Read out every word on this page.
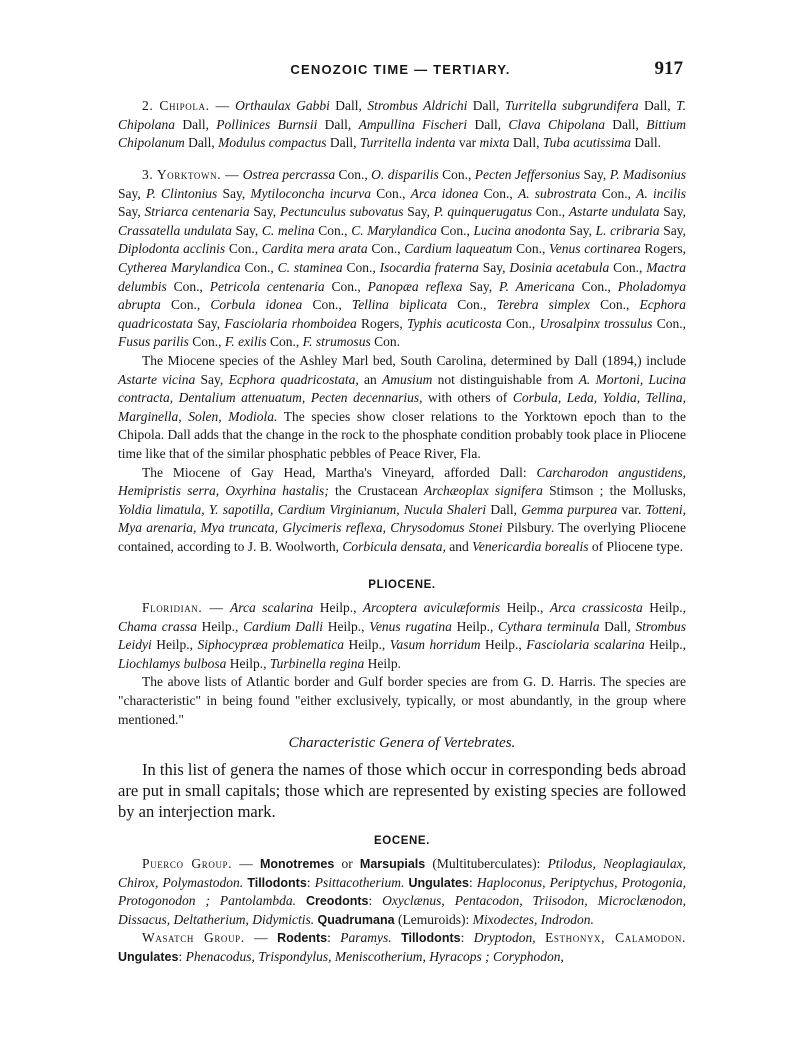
CENOZOIC TIME — TERTIARY.	917

2. Chipola. — Orthaulax Gabbi Dall, Strombus Aldrichi Dall, Turritella subgrundifera Dall, T. Chipolana Dall, Pollinices Burnsii Dall, Ampullina Fischeri Dall, Clava Chipolana Dall, Bittium Chipolanum Dall, Modulus compactus Dall, Turritella indenta var mixta Dall, Tuba acutissima Dall.

3. Yorktown. — Ostrea percrassa Con., O. disparilis Con., Pecten Jeffersonius Say, P. Madisonius Say, P. Clintonius Say, Mytiloconcha incurva Con., Arca idonea Con., A. subrostrata Con., A. incilis Say, Striarca centenaria Say, Pectunculus subovatus Say, P. quinquerugatus Con., Astarte undulata Say, Crassatella undulata Say, C. melina Con., C. Marylandica Con., Lucina anodonta Say, L. cribraria Say, Diplodonta acclinis Con., Cardita mera arata Con., Cardium laqueatum Con., Venus cortinarea Rogers, Cytherea Marylandica Con., C. staminea Con., Isocardia fraterna Say, Dosinia acetabula Con., Mactra delumbis Con., Petricola centenaria Con., Panopæa reflexa Say, P. Americana Con., Pholadomya abrupta Con., Corbula idonea Con., Tellina biplicata Con., Terebra simplex Con., Ecphora quadricostata Say, Fasciolaria rhomboidea Rogers, Typhis acuticosta Con., Urosalpinx trossulus Con., Fusus parilis Con., F. exilis Con., F. strumosus Con.

The Miocene species of the Ashley Marl bed, South Carolina, determined by Dall (1894,) include Astarte vicina Say, Ecphora quadricostata, an Amusium not distinguishable from A. Mortoni, Lucina contracta, Dentalium attenuatum, Pecten decennarius, with others of Corbula, Leda, Yoldia, Tellina, Marginella, Solen, Modiola. The species show closer relations to the Yorktown epoch than to the Chipola. Dall adds that the change in the rock to the phosphate condition probably took place in Pliocene time like that of the similar phosphatic pebbles of Peace River, Fla.

The Miocene of Gay Head, Martha's Vineyard, afforded Dall: Carcharodon angustidens, Hemipristis serra, Oxyrhina hastalis; the Crustacean Archæoplax signifera Stimson ; the Mollusks, Yoldia limatula, Y. sapotilla, Cardium Virginianum, Nucula Shaleri Dall, Gemma purpurea var. Totteni, Mya arenaria, Mya truncata, Glycimeris reflexa, Chrysodomus Stonei Pilsbury. The overlying Pliocene contained, according to J. B. Woolworth, Corbicula densata, and Venericardia borealis of Pliocene type.

PLIOCENE.

Floridian. — Arca scalarina Heilp., Arcoptera aviculæformis Heilp., Arca crassicosta Heilp., Chama crassa Heilp., Cardium Dalli Heilp., Venus rugatina Heilp., Cythara terminula Dall, Strombus Leidyi Heilp., Siphocypræa problematica Heilp., Vasum horridum Heilp., Fasciolaria scalarina Heilp., Liochlamys bulbosa Heilp., Turbinella regina Heilp.

The above lists of Atlantic border and Gulf border species are from G. D. Harris. The species are "characteristic" in being found "either exclusively, typically, or most abundantly, in the group where mentioned."

Characteristic Genera of Vertebrates.

In this list of genera the names of those which occur in corresponding beds abroad are put in small capitals; those which are represented by existing species are followed by an interjection mark.

EOCENE.

Puerco Group. — Monotremes or Marsupials (Multituberculates): Ptilodus, Neoplagiaulax, Chirox, Polymastodon. Tillodonts: Psittacotherium. Ungulates: Haploconus, Periptychus, Protogonia, Protogonodon ; Pantolambda. Creodonts: Oxyclænus, Pentacodon, Triisodon, Microclænodon, Dissacus, Deltatherium, Didymictis. Quadrumana (Lemuroids): Mixodectes, Indrodon.

Wasatch Group. — Rodents: Paramys. Tillodonts: Dryptodon, Esthonyx, Calamodon. Ungulates: Phenacodus, Trispondylus, Meniscotherium, Hyracops ; Coryphodon,
